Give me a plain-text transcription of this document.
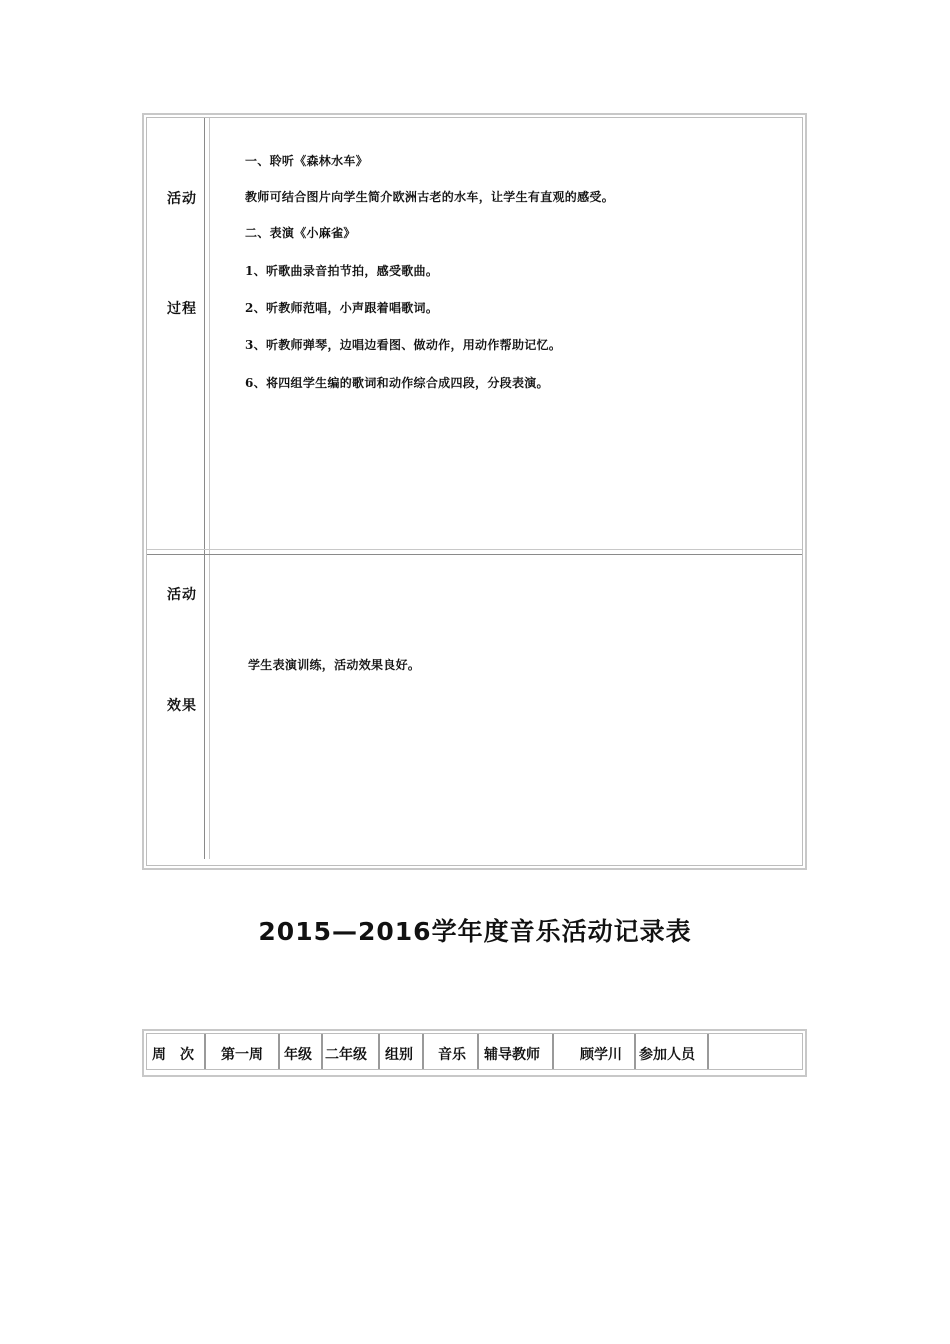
活动
过程
一、聆听《森林水车》
教师可结合图片向学生简介欧洲古老的水车，让学生有直观的感受。
二、表演《小麻雀》
1、听歌曲录音拍节拍，感受歌曲。
2、听教师范唱，小声跟着唱歌词。
3、听教师弹琴，边唱边看图、做动作，用动作帮助记忆。
6、将四组学生编的歌词和动作综合成四段，分段表演。
活动
效果
学生表演训练，活动效果良好。
2015—2016学年度音乐活动记录表
周　次 第一周 年级 二年级 组别 音乐 辅导教师	顾学川 参加人员
